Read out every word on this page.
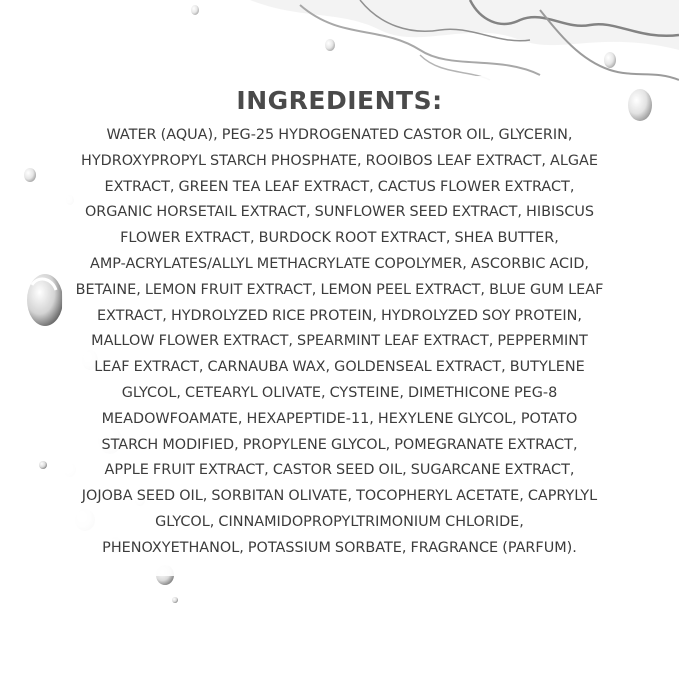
INGREDIENTS:

WATER (AQUA), PEG-25 HYDROGENATED CASTOR OIL, GLYCERIN,
HYDROXYPROPYL STARCH PHOSPHATE, ROOIBOS LEAF EXTRACT, ALGAE
EXTRACT, GREEN TEA LEAF EXTRACT, CACTUS FLOWER EXTRACT,
ORGANIC HORSETAIL EXTRACT, SUNFLOWER SEED EXTRACT, HIBISCUS
FLOWER EXTRACT, BURDOCK ROOT EXTRACT, SHEA BUTTER,
AMP-ACRYLATES/ALLYL METHACRYLATE COPOLYMER, ASCORBIC ACID,
BETAINE, LEMON FRUIT EXTRACT, LEMON PEEL EXTRACT, BLUE GUM LEAF
EXTRACT, HYDROLYZED RICE PROTEIN, HYDROLYZED SOY PROTEIN,
MALLOW FLOWER EXTRACT, SPEARMINT LEAF EXTRACT, PEPPERMINT
LEAF EXTRACT, CARNAUBA WAX, GOLDENSEAL EXTRACT, BUTYLENE
GLYCOL, CETEARYL OLIVATE, CYSTEINE, DIMETHICONE PEG-8
MEADOWFOAMATE, HEXAPEPTIDE-11, HEXYLENE GLYCOL, POTATO
STARCH MODIFIED, PROPYLENE GLYCOL, POMEGRANATE EXTRACT,
APPLE FRUIT EXTRACT, CASTOR SEED OIL, SUGARCANE EXTRACT,
JOJOBA SEED OIL, SORBITAN OLIVATE, TOCOPHERYL ACETATE, CAPRYLYL
GLYCOL, CINNAMIDOPROPYLTRIMONIUM CHLORIDE,
PHENOXYETHANOL, POTASSIUM SORBATE, FRAGRANCE (PARFUM).
